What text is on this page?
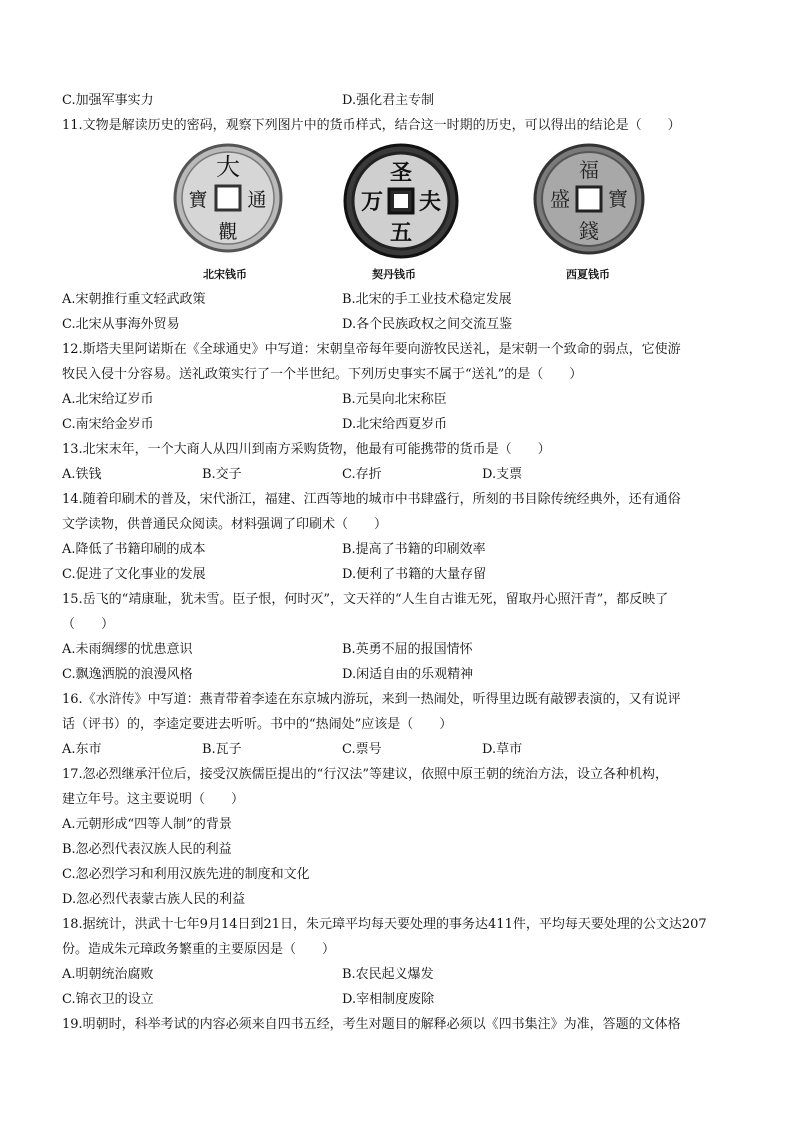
C.加强军事实力	D.强化君主专制
11.文物是解读历史的密码，观察下列图片中的货币样式，结合这一时期的历史，可以得出的结论是（　　）
大
通
觀
寶
圣
夫
五
万
福
寶
錢
盛
北宋钱币	契丹钱币	西夏钱币
A.宋朝推行重文轻武政策	B.北宋的手工业技术稳定发展
C.北宋从事海外贸易	D.各个民族政权之间交流互鉴
12.斯塔夫里阿诺斯在《全球通史》中写道：宋朝皇帝每年要向游牧民送礼，是宋朝一个致命的弱点，它使游
牧民入侵十分容易。送礼政策实行了一个半世纪。下列历史事实不属于“送礼”的是（　　）
A.北宋给辽岁币	B.元昊向北宋称臣
C.南宋给金岁币	D.北宋给西夏岁币
13.北宋末年，一个大商人从四川到南方采购货物，他最有可能携带的货币是（　　）
A.铁钱	B.交子	C.存折	D.支票
14.随着印刷术的普及，宋代浙江，福建、江西等地的城市中书肆盛行，所刻的书目除传统经典外，还有通俗
文学读物，供普通民众阅读。材料强调了印刷术（　　）
A.降低了书籍印刷的成本	B.提高了书籍的印刷效率
C.促进了文化事业的发展	D.便利了书籍的大量存留
15.岳飞的“靖康耻，犹未雪。臣子恨，何时灭”，文天祥的“人生自古谁无死，留取丹心照汗青”，都反映了
（　　）
A.未雨绸缪的忧患意识	B.英勇不屈的报国情怀
C.飘逸洒脱的浪漫风格	D.闲适自由的乐观精神
16.《水浒传》中写道：燕青带着李逵在东京城内游玩，来到一热闹处，听得里边既有敲锣表演的，又有说评
话（评书）的，李逵定要进去听听。书中的“热闹处”应该是（　　）
A.东市	B.瓦子	C.票号	D.草市
17.忽必烈继承汗位后，接受汉族儒臣提出的“行汉法”等建议，依照中原王朝的统治方法，设立各种机构，
建立年号。这主要说明（　　）
A.元朝形成“四等人制”的背景
B.忽必烈代表汉族人民的利益
C.忽必烈学习和利用汉族先进的制度和文化
D.忽必烈代表蒙古族人民的利益
18.据统计，洪武十七年9月14日到21日，朱元璋平均每天要处理的事务达411件，平均每天要处理的公文达207
份。造成朱元璋政务繁重的主要原因是（　　）
A.明朝统治腐败	B.农民起义爆发
C.锦衣卫的设立	D.宰相制度废除
19.明朝时，科举考试的内容必须来自四书五经，考生对题目的解释必须以《四书集注》为准，答题的文体格
